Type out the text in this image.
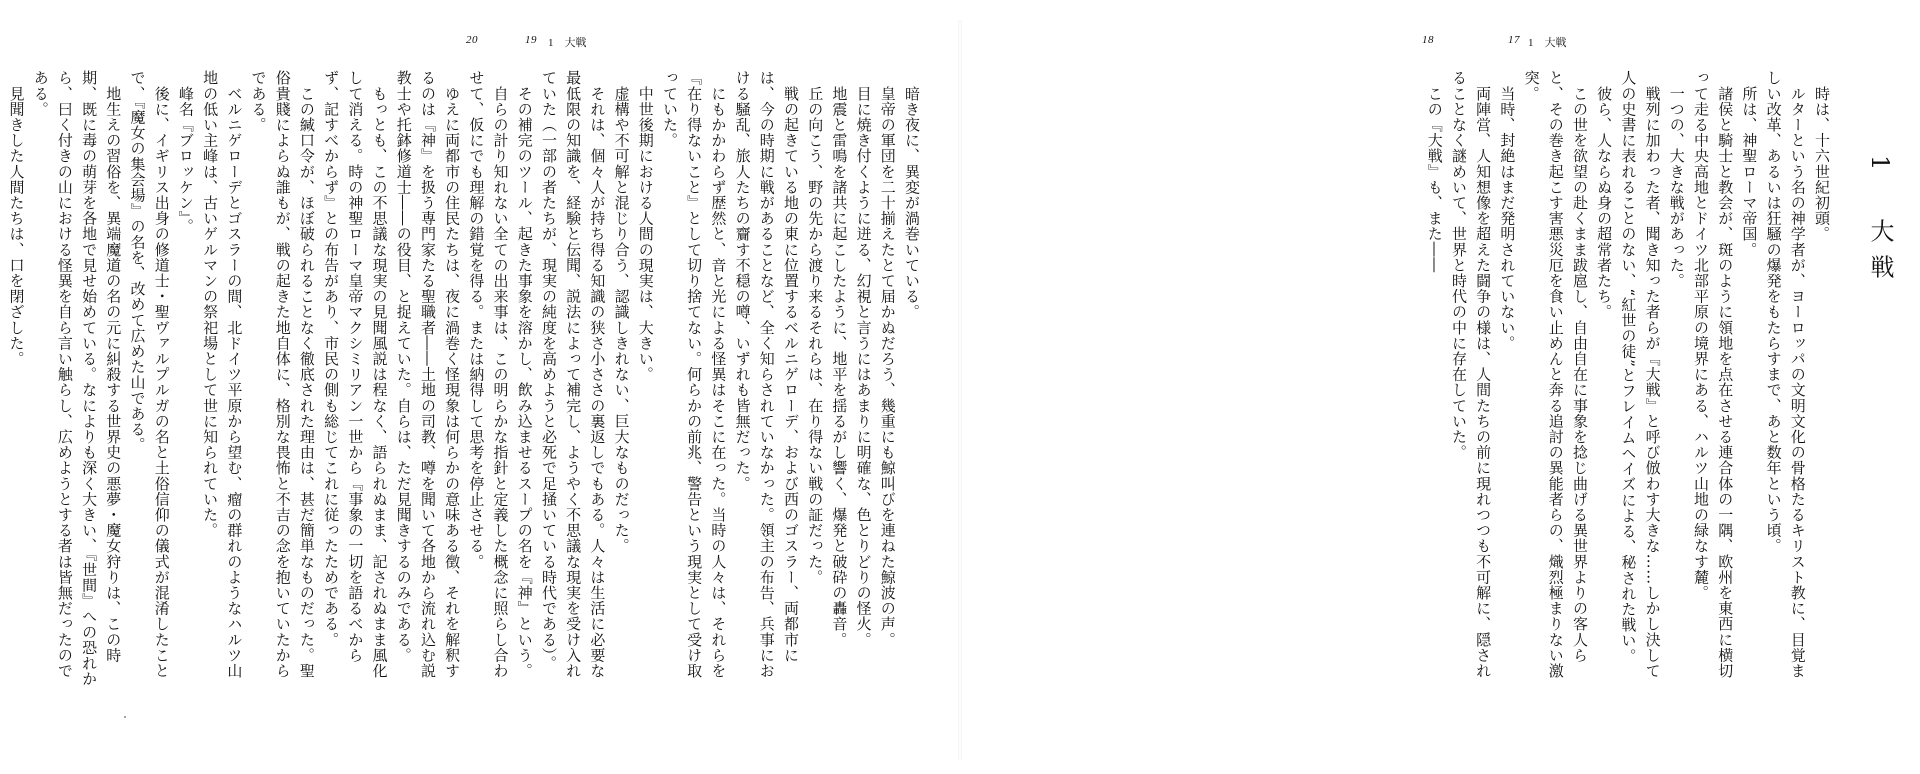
20	19 1　大戦

　暗き夜に、異変が渦巻いている。

　皇帝の軍団を二十揃えたとて届かぬだろう、幾重にも鯨叫びを連ねた鯨波の声。

　目に焼き付くように迸る、幻視と言うにはあまりに明確な、色とりどりの怪火。

　地震と雷鳴を諸共に起こしたように、地平を揺るがし響く、爆発と破砕の轟音。

　丘の向こう、野の先から渡り来るそれらは、在り得ない戦の証だった。

　戦の起きている地の東に位置するベルニゲローデ、および西のゴスラー、両都市には、今の時期に戦があることなど、全く知らされていなかった。領主の布告、兵事における騒乱、旅人たちの齎す不穏の噂、いずれも皆無だった。

　にもかかわらず歴然と、音と光による怪異はそこに在った。当時の人々は、それらを『在り得ないこと』として切り捨てない。何らかの前兆、警告という現実として受け取っていた。

　中世後期における人間の現実は、大きい。

　虚構や不可解と混じり合う、認識しきれない、巨大なものだった。

　それは、個々人が持ち得る知識の狭さ小ささの裏返しでもある。人々は生活に必要な最低限の知識を、経験と伝聞、説法によって補完し、ようやく不思議な現実を受け入れていた（一部の者たちが、現実の純度を高めようと必死で足掻いている時代である）。

　その補完のツール、起きた事象を溶かし、飲み込ませるスープの名を『神』という。

　自らの計り知れない全ての出来事は、この明らかな指針と定義した概念に照らし合わせて、仮にでも理解の錯覚を得る。または納得して思考を停止させる。

　ゆえに両都市の住民たちは、夜に渦巻く怪現象は何らかの意味ある徴、それを解釈するのは『神』を扱う専門家たる聖職者――土地の司教、噂を聞いて各地から流れ込む説教士や托鉢修道士――の役目、と捉えていた。自らは、ただ見聞きするのみである。

　もっとも、この不思議な現実の見聞風説は程なく、語られぬまま、記されぬまま風化して消える。時の神聖ローマ皇帝マクシミリアン一世から『事象の一切を語るべからず、記すべからず』との布告があり、市民の側も総じてこれに従ったためである。

　この緘口令が、ほぼ破られることなく徹底された理由は、甚だ簡単なものだった。聖俗貴賤によらぬ誰もが、戦の起きた地自体に、格別な畏怖と不吉の念を抱いていたからである。

　ベルニゲローデとゴスラーの間、北ドイツ平原から望む、瘤の群れのようなハルツ山地の低い主峰は、古いゲルマンの祭祀場として世に知られていた。

　峰名『ブロッケン』。

　後に、イギリス出身の修道士・聖ヴァルプルガの名と土俗信仰の儀式が混淆したことで、『魔女の集会場』の名を、改めて広めた山である。

　地生えの習俗を、異端魔道の名の元に糾殺する世界史の悪夢・魔女狩りは、この時期、既に毒の萌芽を各地で見せ始めている。なによりも深く大きい、『世間』への恐れから、曰く付きの山における怪異を自ら言い触らし、広めようとする者は皆無だったのである。

　見聞きした人間たちは、口を閉ざした。

18	17 1　大戦
1　大戦

　時は、十六世紀初頭。

　ルターという名の神学者が、ヨーロッパの文明文化の骨格たるキリスト教に、目覚ましい改革、あるいは狂騒の爆発をもたらすまで、あと数年という頃。

　所は、神聖ローマ帝国。

　諸侯と騎士と教会が、斑のように領地を点在させる連合体の一隅、欧州を東西に横切って走る中央高地とドイツ北部平原の境界にある、ハルツ山地の緑なす麓。

　一つの、大きな戦があった。

　戦列に加わった者、聞き知った者らが『大戦』と呼び倣わす大きな……しかし決して人の史書に表れることのない、“紅世の徒”とフレイムヘイズによる、秘された戦い。

　彼ら、人ならぬ身の超常者たち。

　この世を欲望の赴くまま跋扈し、自由自在に事象を捻じ曲げる異世界よりの客人らと、その巻き起こす害悪災厄を食い止めんと奔る追討の異能者らの、熾烈極まりない激突。

　当時、封絶はまだ発明されていない。

　両陣営、人知想像を超えた闘争の様は、人間たちの前に現れつつも不可解に、隠されることなく謎めいて、世界と時代の中に存在していた。

　この『大戦』も、また――
